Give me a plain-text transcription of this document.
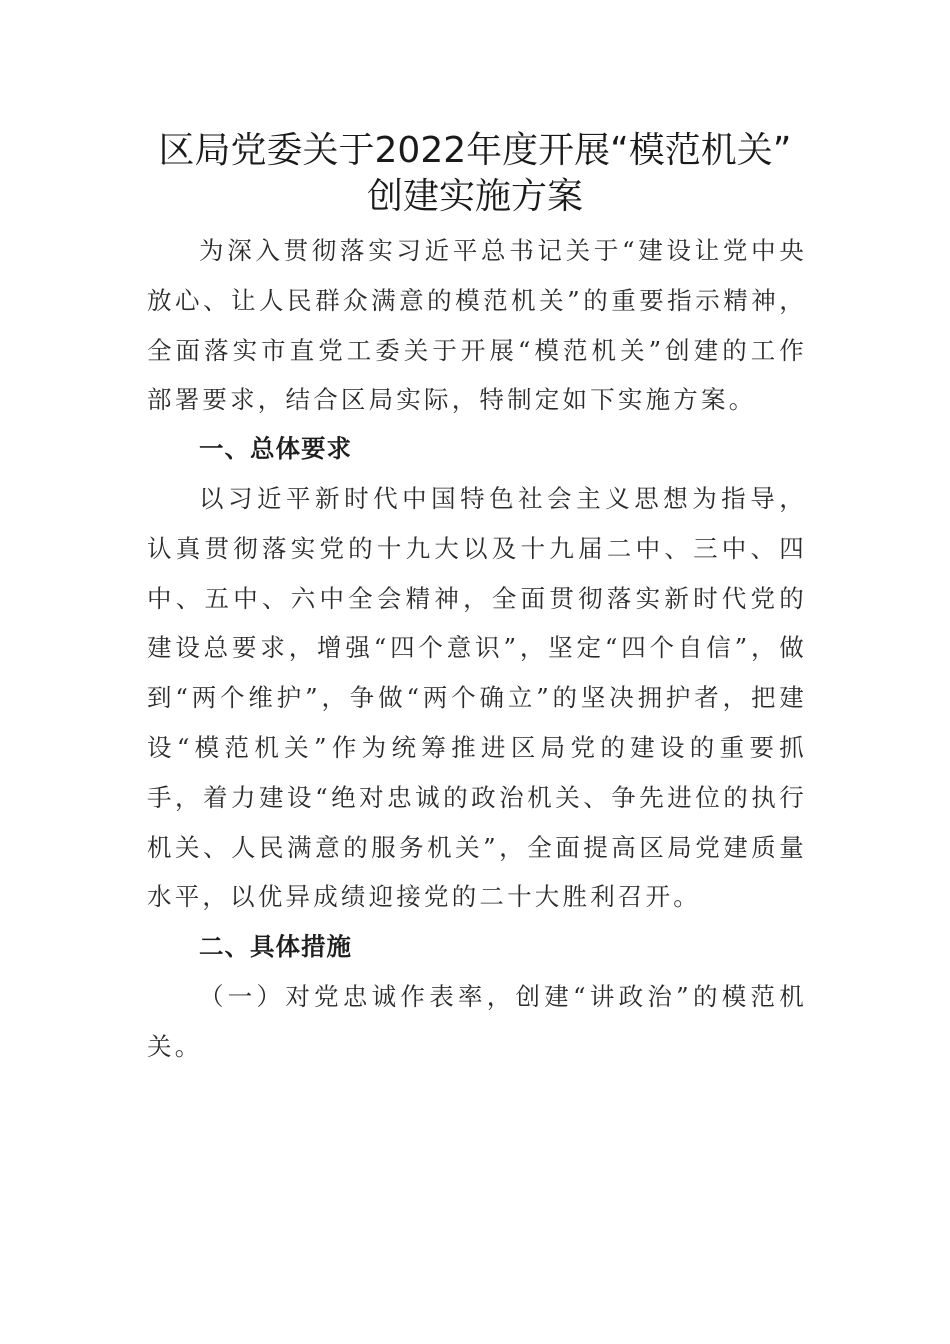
区局党委关于2022年度开展“模范机关”
创建实施方案

为深入贯彻落实习近平总书记关于“建设让党中央放心、让人民群众满意的模范机关”的重要指示精神，全面落实市直党工委关于开展“模范机关”创建的工作部署要求，结合区局实际，特制定如下实施方案。

一、总体要求

以习近平新时代中国特色社会主义思想为指导，认真贯彻落实党的十九大以及十九届二中、三中、四中、五中、六中全会精神，全面贯彻落实新时代党的建设总要求，增强“四个意识”，坚定“四个自信”，做到“两个维护”，争做“两个确立”的坚决拥护者，把建设“模范机关”作为统筹推进区局党的建设的重要抓手，着力建设“绝对忠诚的政治机关、争先进位的执行机关、人民满意的服务机关”，全面提高区局党建质量水平，以优异成绩迎接党的二十大胜利召开。

二、具体措施

（一）对党忠诚作表率，创建“讲政治”的模范机关。
